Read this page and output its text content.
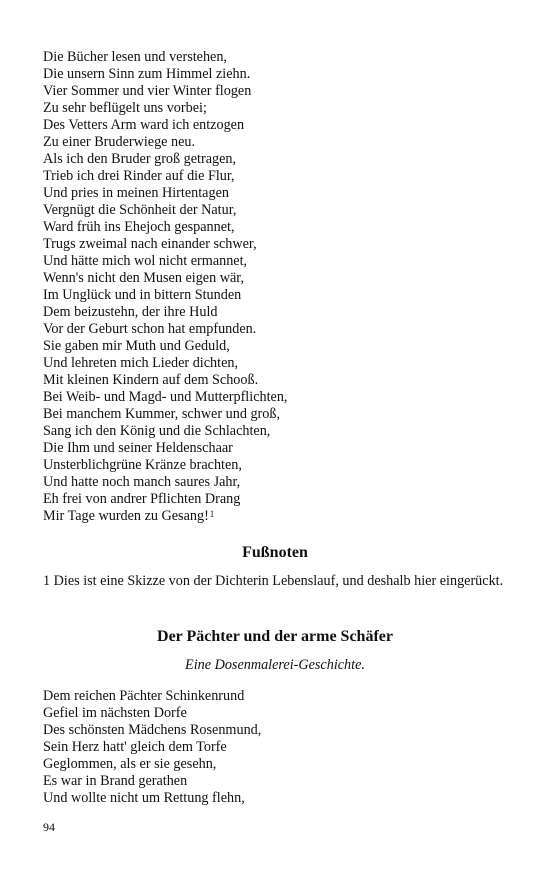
Die Bücher lesen und verstehen,
Die unsern Sinn zum Himmel ziehn.
Vier Sommer und vier Winter flogen
Zu sehr beflügelt uns vorbei;
Des Vetters Arm ward ich entzogen
Zu einer Bruderwiege neu.
Als ich den Bruder groß getragen,
Trieb ich drei Rinder auf die Flur,
Und pries in meinen Hirtentagen
Vergnügt die Schönheit der Natur,
Ward früh ins Ehejoch gespannet,
Trugs zweimal nach einander schwer,
Und hätte mich wol nicht ermannet,
Wenn's nicht den Musen eigen wär,
Im Unglück und in bittern Stunden
Dem beizustehn, der ihre Huld
Vor der Geburt schon hat empfunden.
Sie gaben mir Muth und Geduld,
Und lehreten mich Lieder dichten,
Mit kleinen Kindern auf dem Schooß.
Bei Weib- und Magd- und Mutterpflichten,
Bei manchem Kummer, schwer und groß,
Sang ich den König und die Schlachten,
Die Ihm und seiner Heldenschaar
Unsterblichgrüne Kränze brachten,
Und hatte noch manch saures Jahr,
Eh frei von andrer Pflichten Drang
Mir Tage wurden zu Gesang!$^1$
Fußnoten

1 Dies ist eine Skizze von der Dichterin Lebenslauf, und deshalb hier eingerückt.

Der Pächter und der arme Schäfer

Eine Dosenmalerei-Geschichte.

Dem reichen Pächter Schinkenrund
Gefiel im nächsten Dorfe
Des schönsten Mädchens Rosenmund,
Sein Herz hatt' gleich dem Torfe
Geglommen, als er sie gesehn,
Es war in Brand gerathen
Und wollte nicht um Rettung flehn,
94
